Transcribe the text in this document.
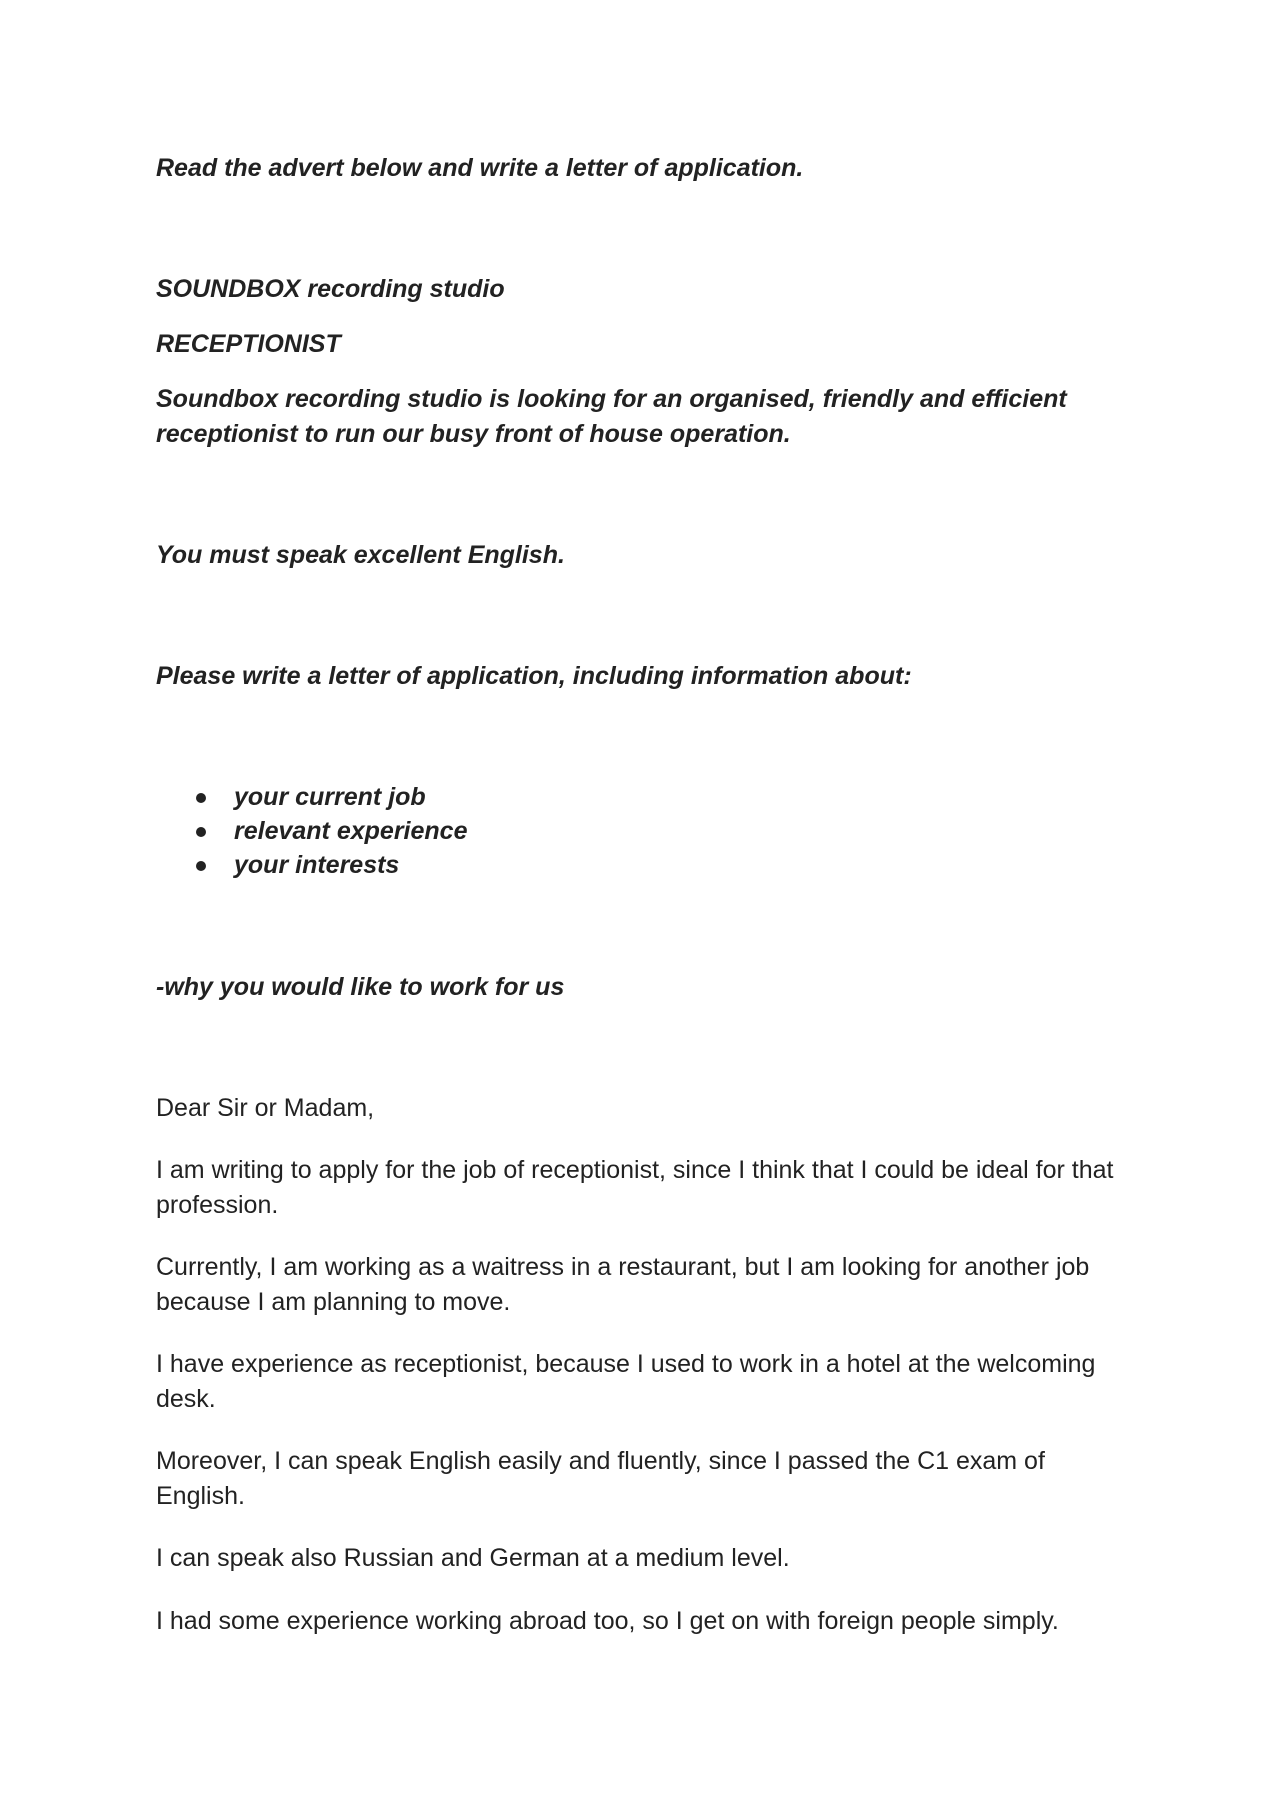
Read the advert below and write a letter of application.

SOUNDBOX recording studio

RECEPTIONIST

Soundbox recording studio is looking for an organised, friendly and efficient receptionist to run our busy front of house operation.

You must speak excellent English.

Please write a letter of application, including information about:

your current job
relevant experience
your interests

-why you would like to work for us

Dear Sir or Madam,

I am writing to apply for the job of receptionist, since I think that I could be ideal for that profession.

Currently, I am working as a waitress in a restaurant, but I am looking for another job because I am planning to move.

I have experience as receptionist, because I used to work in a hotel at the welcoming desk.

Moreover, I can speak English easily and fluently, since I passed the C1 exam of English.

I can speak also Russian and German at a medium level.

I had some experience working abroad too, so I get on with foreign people simply.
